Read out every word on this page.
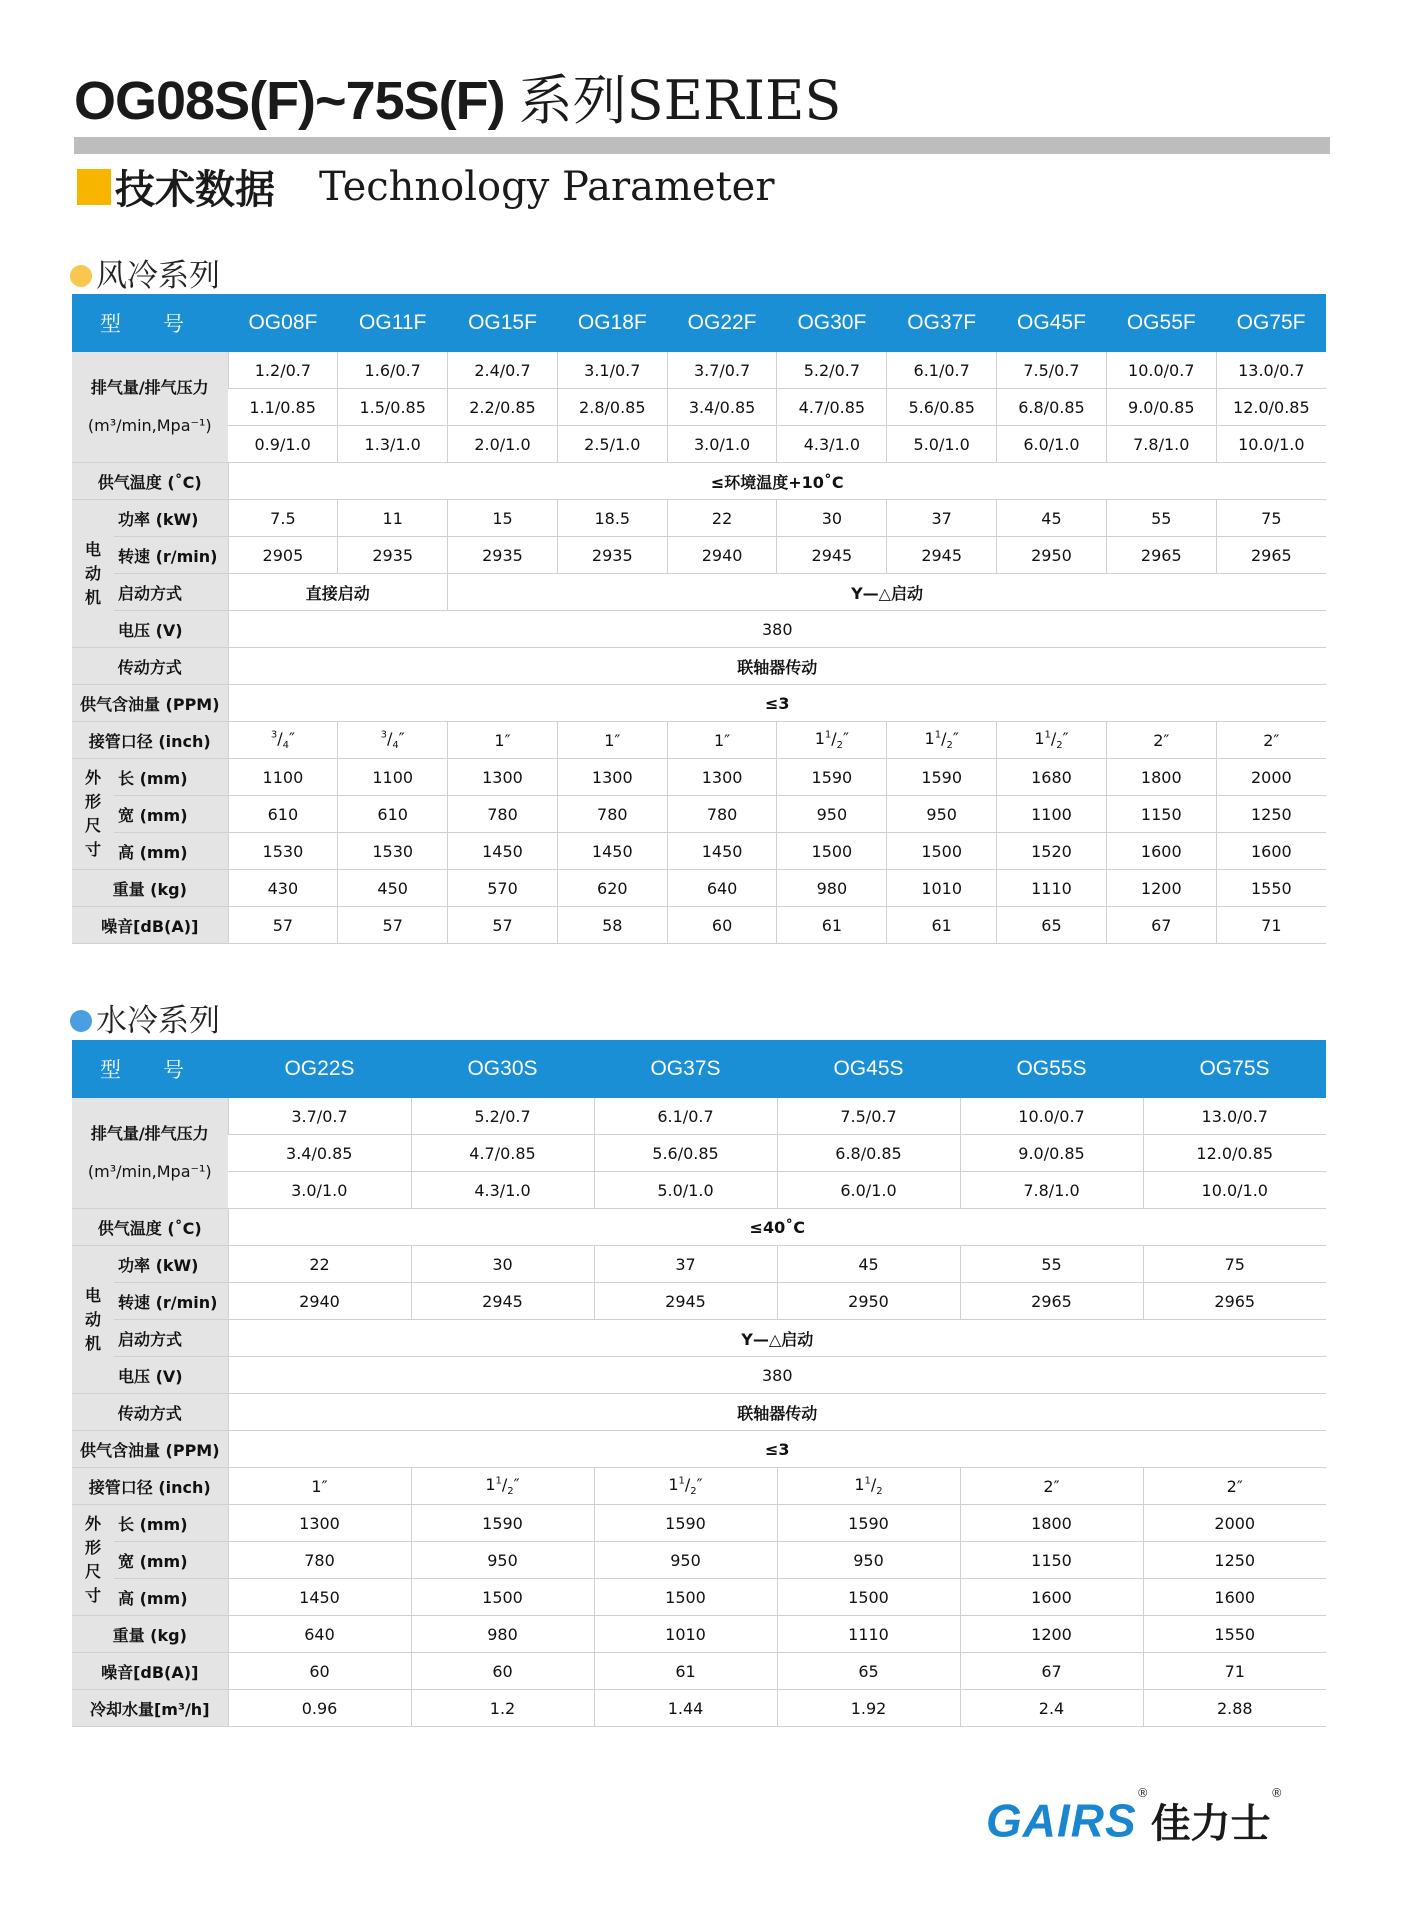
OG08S(F)~75S(F) 系列SERIES
技术数据 Technology Parameter
风冷系列
型　　号		OG08F	OG11F	OG15F	OG18F	OG22F	OG30F	OG37F	OG45F	OG55F	OG75F

排气量/排气压力
(m³/min,Mpa⁻¹)		1.2/0.7	1.6/0.7	2.4/0.7	3.1/0.7	3.7/0.7	5.2/0.7	6.1/0.7	7.5/0.7	10.0/0.7	13.0/0.7
		1.1/0.85	1.5/0.85	2.2/0.85	2.8/0.85	3.4/0.85	4.7/0.85	5.6/0.85	6.8/0.85	9.0/0.85	12.0/0.85
		0.9/1.0	1.3/1.0	2.0/1.0	2.5/1.0	3.0/1.0	4.3/1.0	5.0/1.0	6.0/1.0	7.8/1.0	10.0/1.0
供气温度 (˚C)		≤环境温度+10˚C									

电
动
机	功率 (kW)	7.5	11	15	18.5	22	30	37	45	55	75
	转速 (r/min)	2905	2935	2935	2935	2940	2945	2945	2950	2965	2965
	启动方式	直接启动		Y—△启动							
	电压 (V)	380									
传动方式		联轴器传动									
供气含油量 (PPM)		≤3									
接管口径 (inch)		$^3/_4''$	$^3/_4''$	1″	1″	1″	$1^1/_2''$	$1^1/_2''$	$1^1/_2''$	2″	2″

外
形
尺
寸	长 (mm)	1100	1100	1300	1300	1300	1590	1590	1680	1800	2000
	宽 (mm)	610	610	780	780	780	950	950	1100	1150	1250
	高 (mm)	1530	1530	1450	1450	1450	1500	1500	1520	1600	1600
重量 (kg)		430	450	570	620	640	980	1010	1110	1200	1550
噪音[dB(A)]		57	57	57	58	60	61	61	65	67	71
水冷系列
型　　号		OG22S	OG30S	OG37S	OG45S	OG55S	OG75S

排气量/排气压力
(m³/min,Mpa⁻¹)		3.7/0.7	5.2/0.7	6.1/0.7	7.5/0.7	10.0/0.7	13.0/0.7
		3.4/0.85	4.7/0.85	5.6/0.85	6.8/0.85	9.0/0.85	12.0/0.85
		3.0/1.0	4.3/1.0	5.0/1.0	6.0/1.0	7.8/1.0	10.0/1.0
供气温度 (˚C)		≤40˚C					

电
动
机	功率 (kW)	22	30	37	45	55	75
	转速 (r/min)	2940	2945	2945	2950	2965	2965
	启动方式	Y—△启动					
	电压 (V)	380					
传动方式		联轴器传动					
供气含油量 (PPM)		≤3					
接管口径 (inch)		1″	$1^1/_2''$	$1^1/_2''$	$1^1/_2$	2″	2″

外
形
尺
寸	长 (mm)	1300	1590	1590	1590	1800	2000
	宽 (mm)	780	950	950	950	1150	1250
	高 (mm)	1450	1500	1500	1500	1600	1600
重量 (kg)		640	980	1010	1110	1200	1550
噪音[dB(A)]		60	60	61	65	67	71
冷却水量[m³/h]		0.96	1.2	1.44	1.92	2.4	2.88
GAIRS®佳力士®
